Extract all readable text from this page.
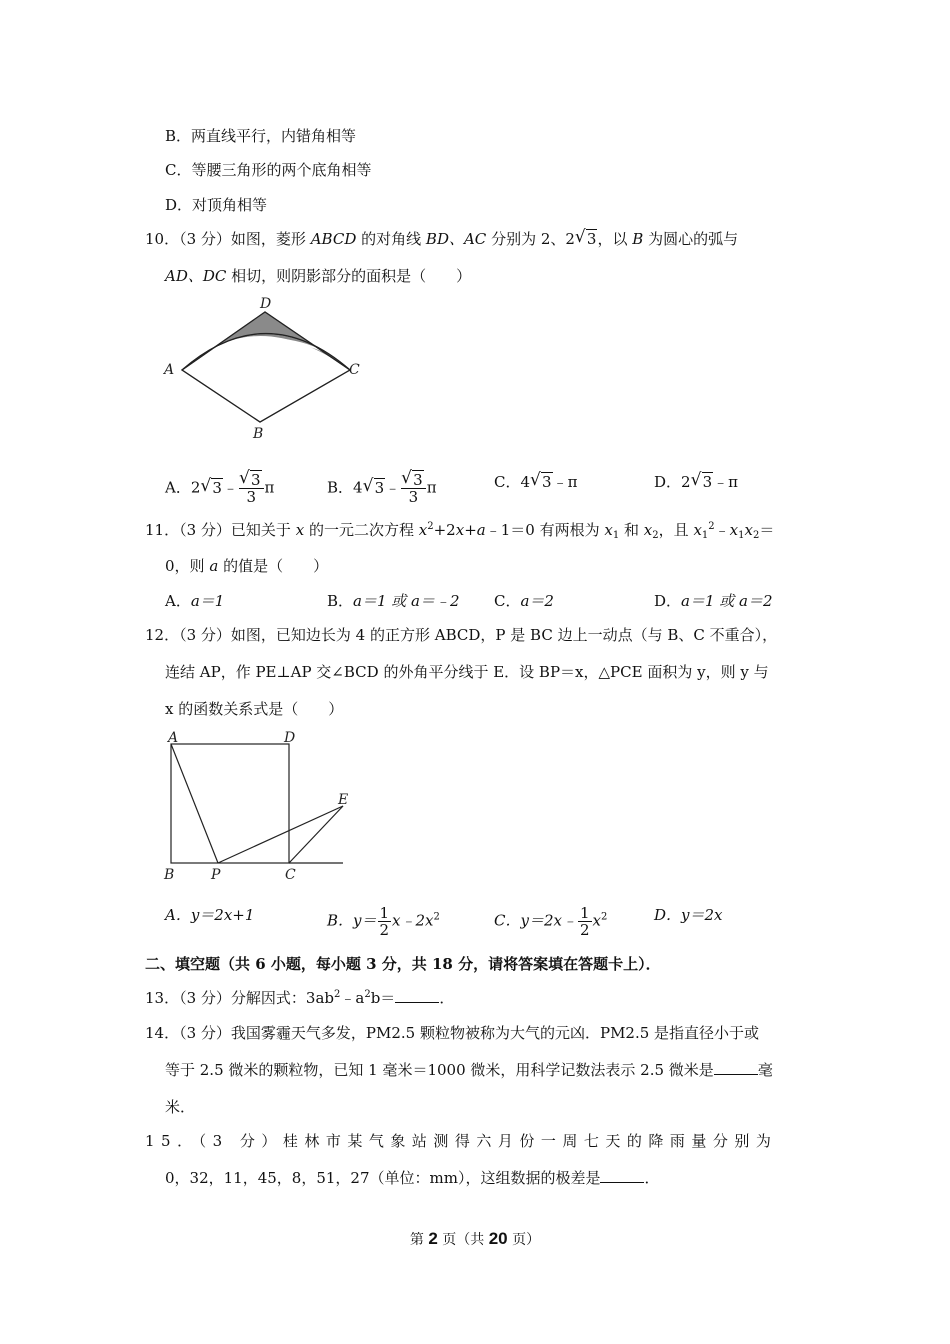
B．两直线平行，内错角相等
C．等腰三角形的两个底角相等
D．对顶角相等
10．（3 分）如图，菱形 ABCD 的对角线 BD、AC 分别为 2、2 √ 3，以 B 为圆心的弧与
AD、DC 相切，则阴影部分的面积是（　　）
A
D
C
B
A．2 √ 3﹣ √ $\frac{3}{3}$ π	B．4 √ 3﹣ √ $\frac{3}{3}$ π	C．4 √ 3﹣π	D．2 √ 3﹣π
11．（3 分）已知关于 x 的一元二次方程 $x^2+2x+a﹣1=0$ 有两根为 $x_1$ 和 $x_2$，且 $x_1^2﹣x_1x_2=$
0，则 a 的值是（　　）
A．a＝1	B．a＝1 或 a＝﹣2 C．a＝2	D．a＝1 或 a＝2
12．（3 分）如图，已知边长为 4 的正方形 ABCD，P 是 BC 边上一动点（与 B、C 不重合），
连结 AP，作 PE⊥AP 交∠BCD 的外角平分线于 E．设 BP＝x，△PCE 面积为 y，则 y 与
x 的函数关系式是（　　）
A	D
E
B	P	C
A．y＝2x+1	B．$y= \frac{1}{2}$ $x﹣2x^2$	C．y＝2x﹣ $\frac{1}{2} x^2$	D．y＝2x
二、填空题（共 6 小题，每小题 3 分，共 18 分，请将答案填在答题卡上）．
13．（3 分）分解因式：$3ab^2﹣a^2b=$	．
14．（3 分）我国雾霾天气多发，PM2.5 颗粒物被称为大气的元凶．PM2.5 是指直径小于或
等于 2.5 微米的颗粒物，已知 1 毫米＝1000 微米，用科学记数法表示 2.5 微米是	毫
米．
15．（3 分）桂林市某气象站测得六月份一周七天的降雨量分别为
0，32，11，45，8，51，27（单位：mm），这组数据的极差是	．
第 2 页（共 20 页）
